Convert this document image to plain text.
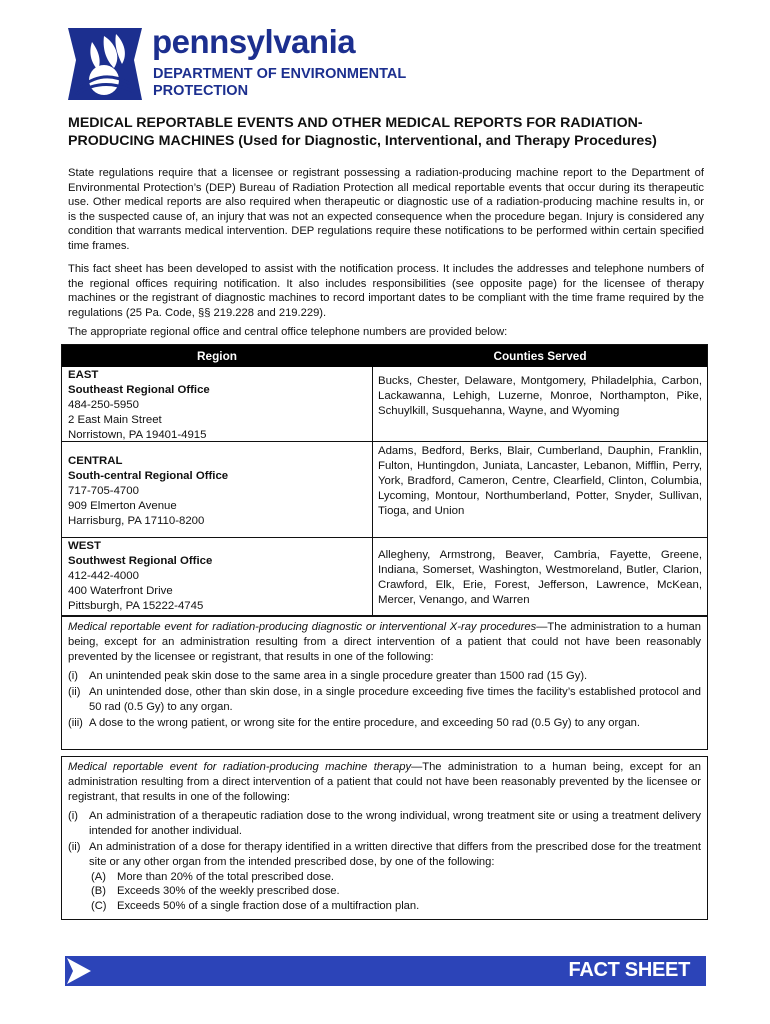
pennsylvania
DEPARTMENT OF ENVIRONMENTAL
PROTECTION
MEDICAL REPORTABLE EVENTS AND OTHER MEDICAL REPORTS FOR RADIATION-PRODUCING MACHINES (Used for Diagnostic, Interventional, and Therapy Procedures)
State regulations require that a licensee or registrant possessing a radiation-producing machine report to the Department of Environmental Protection’s (DEP) Bureau of Radiation Protection all medical reportable events that occur during its therapeutic use. Other medical reports are also required when therapeutic or diagnostic use of a radiation-producing machine results in, or is the suspected cause of, an injury that was not an expected consequence when the procedure began. Injury is considered any condition that warrants medical intervention. DEP regulations require these notifications to be performed within certain specified time frames.
This fact sheet has been developed to assist with the notification process. It includes the addresses and telephone numbers of the regional offices requiring notification. It also includes responsibilities (see opposite page) for the licensee of therapy machines or the registrant of diagnostic machines to record important dates to be compliant with the time frame required by the regulations (25 Pa. Code, §§ 219.228 and 219.229).
The appropriate regional office and central office telephone numbers are provided below:
Region	Counties Served
EAST
Southeast Regional Office
484-250-5950
2 East Main Street
Norristown, PA 19401-4915
Bucks, Chester, Delaware, Montgomery, Philadelphia, Carbon, Lackawanna, Lehigh, Luzerne, Monroe, Northampton, Pike, Schuylkill, Susquehanna, Wayne, and Wyoming
CENTRAL
South-central Regional Office
717-705-4700
909 Elmerton Avenue
Harrisburg, PA 17110-8200
Adams, Bedford, Berks, Blair, Cumberland, Dauphin, Franklin, Fulton, Huntingdon, Juniata, Lancaster, Lebanon, Mifflin, Perry, York, Bradford, Cameron, Centre, Clearfield, Clinton, Columbia, Lycoming, Montour, Northumberland, Potter, Snyder, Sullivan, Tioga, and Union
WEST
Southwest Regional Office
412-442-4000
400 Waterfront Drive
Pittsburgh, PA 15222-4745
Allegheny, Armstrong, Beaver, Cambria, Fayette, Greene, Indiana, Somerset, Washington, Westmoreland, Butler, Clarion, Crawford, Elk, Erie, Forest, Jefferson, Lawrence, McKean, Mercer, Venango, and Warren
Medical reportable event for radiation-producing diagnostic or interventional X-ray procedures—The administration to a human being, except for an administration resulting from a direct intervention of a patient that could not have been reasonably prevented by the licensee or registrant, that results in one of the following:
(i) An unintended peak skin dose to the same area in a single procedure greater than 1500 rad (15 Gy).
(ii) An unintended dose, other than skin dose, in a single procedure exceeding five times the facility’s established protocol and 50 rad (0.5 Gy) to any organ.
(iii) A dose to the wrong patient, or wrong site for the entire procedure, and exceeding 50 rad (0.5 Gy) to any organ.
Medical reportable event for radiation-producing machine therapy—The administration to a human being, except for an administration resulting from a direct intervention of a patient that could not have been reasonably prevented by the licensee or registrant, that results in one of the following:
(i) An administration of a therapeutic radiation dose to the wrong individual, wrong treatment site or using a treatment delivery intended for another individual.
(ii) An administration of a dose for therapy identified in a written directive that differs from the prescribed dose for the treatment site or any other organ from the intended prescribed dose, by one of the following:
(A) More than 20% of the total prescribed dose.
(B) Exceeds 30% of the weekly prescribed dose.
(C) Exceeds 50% of a single fraction dose of a multifraction plan.
FACT SHEET
